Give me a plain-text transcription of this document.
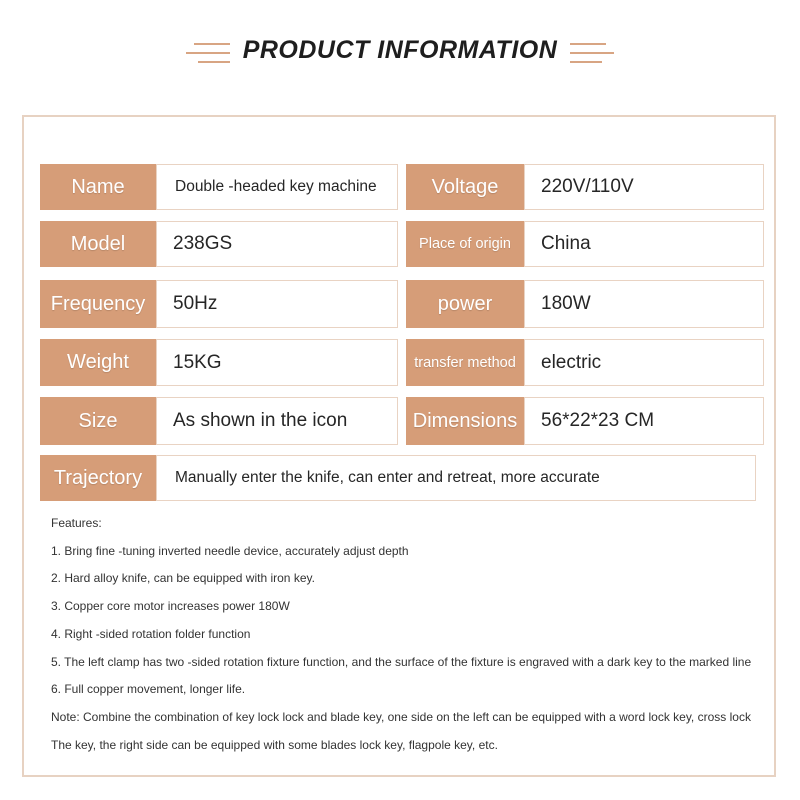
PRODUCT INFORMATION
Name	Double -headed key machine	Voltage	220V/110V
Model	238GS	Place of origin	China
Frequency	50Hz	power	180W
Weight	15KG	transfer method	electric
Size	As shown in the icon	Dimensions	56*22*23 CM
Trajectory	Manually enter the knife, can enter and retreat, more accurate
Features:
1. Bring fine -tuning inverted needle device, accurately adjust depth
2. Hard alloy knife, can be equipped with iron key.
3. Copper core motor increases power 180W
4. Right -sided rotation folder function
5. The left clamp has two -sided rotation fixture function, and the surface of the fixture is engraved with a dark key to the marked line
6. Full copper movement, longer life.
Note: Combine the combination of key lock lock and blade key, one side on the left can be equipped with a word lock key, cross lock
The key, the right side can be equipped with some blades lock key, flagpole key, etc.
